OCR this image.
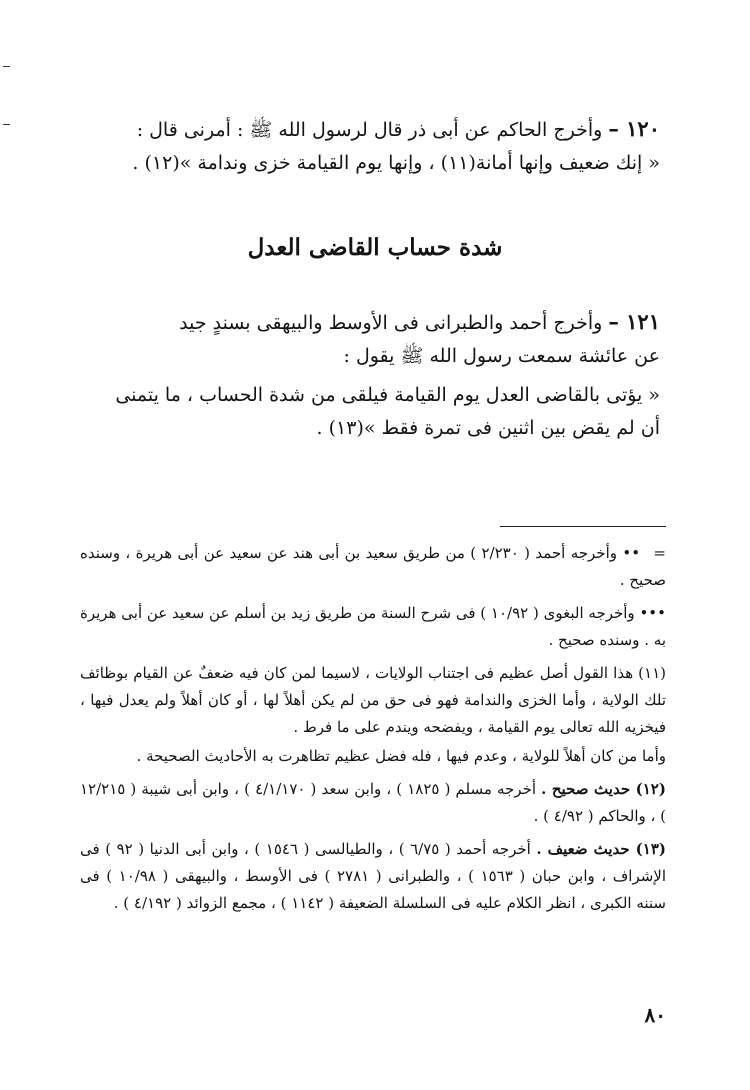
١٢٠ – وأخرج الحاكم عن أبى ذر قال لرسول الله ﷺ : أمرنى قال :

« إنك ضعيف وإنها أمانة(١١) ، وإنها يوم القيامة خزى وندامة »(١٢) .

شدة حساب القاضى العدل

١٢١ – وأخرج أحمد والطبرانى فى الأوسط والبيهقى بسندٍ جيد

عن عائشة سمعت رسول الله ﷺ يقول :

« يؤتى بالقاضى العدل يوم القيامة فيلقى من شدة الحساب ، ما يتمنى

أن لم يقض بين اثنين فى تمرة فقط »(١٣) .

= •• وأخرجه أحمد ( ٢/٢٣٠ ) من طريق سعيد بن أبى هند عن سعيد عن أبى هريرة ، وسنده صحيح .

••• وأخرجه البغوى ( ١٠/٩٢ ) فى شرح السنة من طريق زيد بن أسلم عن سعيد عن أبى هريرة به . وسنده صحيح .

(١١) هذا القول أصل عظيم فى اجتناب الولايات ، لاسيما لمن كان فيه ضعفٌ عن القيام بوظائف تلك الولاية ، وأما الخزى والندامة فهو فى حق من لم يكن أهلاً لها ، أو كان أهلاً ولم يعدل فيها ، فيخزيه الله تعالى يوم القيامة ، ويفضحه ويندم على ما فرط .

وأما من كان أهلاً للولاية ، وعدم فيها ، فله فضل عظيم تظاهرت به الأحاديث الصحيحة .

(١٢) حديث صحيح . أخرجه مسلم ( ١٨٢٥ ) ، وابن سعد ( ٤/١/١٧٠ ) ، وابن أبى شيبة ( ١٢/٢١٥ ) ، والحاكم ( ٤/٩٢ ) .

(١٣) حديث ضعيف . أخرجه أحمد ( ٦/٧٥ ) ، والطيالسى ( ١٥٤٦ ) ، وابن أبى الدنيا ( ٩٢ ) فى الإشراف ، وابن حبان ( ١٥٦٣ ) ، والطبرانى ( ٢٧٨١ ) فى الأوسط ، والبيهقى ( ١٠/٩٨ ) فى سننه الكبرى ، انظر الكلام عليه فى السلسلة الضعيفة ( ١١٤٢ ) ، مجمع الزوائد ( ٤/١٩٢ ) .

٨٠
